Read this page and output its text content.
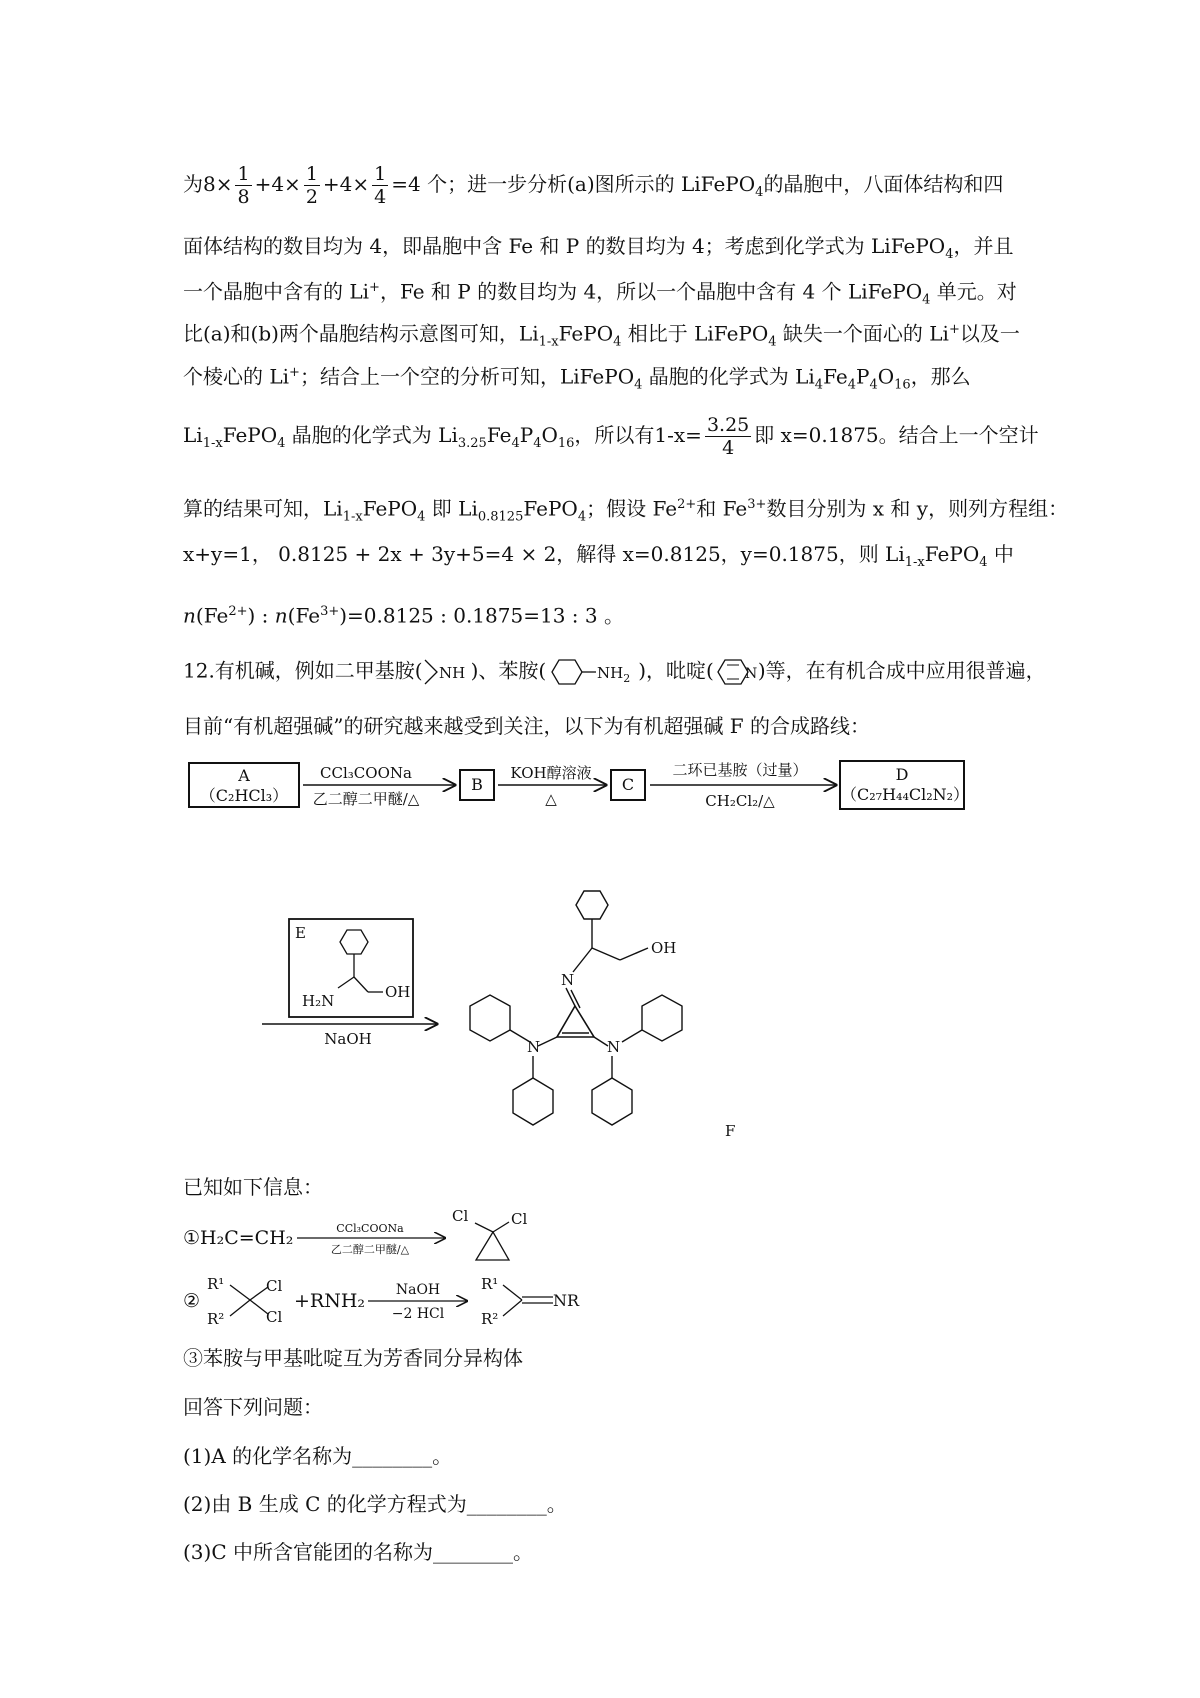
为$8\times \frac{1}{8} +4\times \frac{1}{2} +4\times \frac{1}{4} =4$ 个；进一步分析(a)图所示的 LiFePO$_4$的晶胞中，八面体结构和四
面体结构的数目均为 4，即晶胞中含 Fe 和 P 的数目均为 4；考虑到化学式为 LiFePO$_4$，并且
一个晶胞中含有的 Li+，Fe 和 P 的数目均为 4，所以一个晶胞中含有 4 个 LiFePO$_4$ 单元。对
比(a)和(b)两个晶胞结构示意图可知，$Li_{1-x}FePO_4$ 相比于 LiFePO$_4$ 缺失一个面心的 Li+以及一
个棱心的 Li+；结合上一个空的分析可知，LiFePO$_4$ 晶胞的化学式为 $Li_4Fe_4P_4O_{16}$，那么
$Li_{1-x}FePO_4$ 晶胞的化学式为 $Li_{3.25}Fe_4P_4O_{16}$，所以有$1-x= \frac{3.25}{4}$ 即 x=0.1875。结合上一个空计
算的结果可知，$Li_{1-x}FePO_4$ 即 $Li_{0.8125}FePO_4$；假设 $Fe^{2+}$和 $Fe^{3+}$数目分别为 x 和 y，则列方程组：
x+y=1， 0.8125 + 2x + 3y+5=4 × 2，解得 x=0.8125，y=0.1875，则 $Li_{1-x}FePO_4$ 中
$n(Fe^{2+})$ : $n(Fe^{3+})=0.8125$ : 0.1875=13 : 3 。
12.有机碱，例如二甲基胺( NH )、苯胺(	$NH_2$ )，吡啶( N )等，在有机合成中应用很普遍，
目前“有机超强碱”的研究越来越受到关注，以下为有机超强碱 F 的合成路线：
A
（C₂HCl₃）
B	C
D
（C₂₇H₄₄Cl₂N₂）
CCl₃COONa
乙二醇二甲醚/△
KOH醇溶液
△
二环已基胺（过量）
CH₂Cl₂/△
E
H₂N	OH
NaOH
OH
N
N	N
F
①H₂C=CH₂	CCl₃COONa
乙二醇二甲醚/△
Cl	Cl
②
R¹
R²
Cl
Cl
+RNH₂ NaOH
−2 HCl
R¹
R²
NR
已知如下信息：
③苯胺与甲基吡啶互为芳香同分异构体
回答下列问题：
(1)A 的化学名称为________。
(2)由 B 生成 C 的化学方程式为________。
(3)C 中所含官能团的名称为________。
